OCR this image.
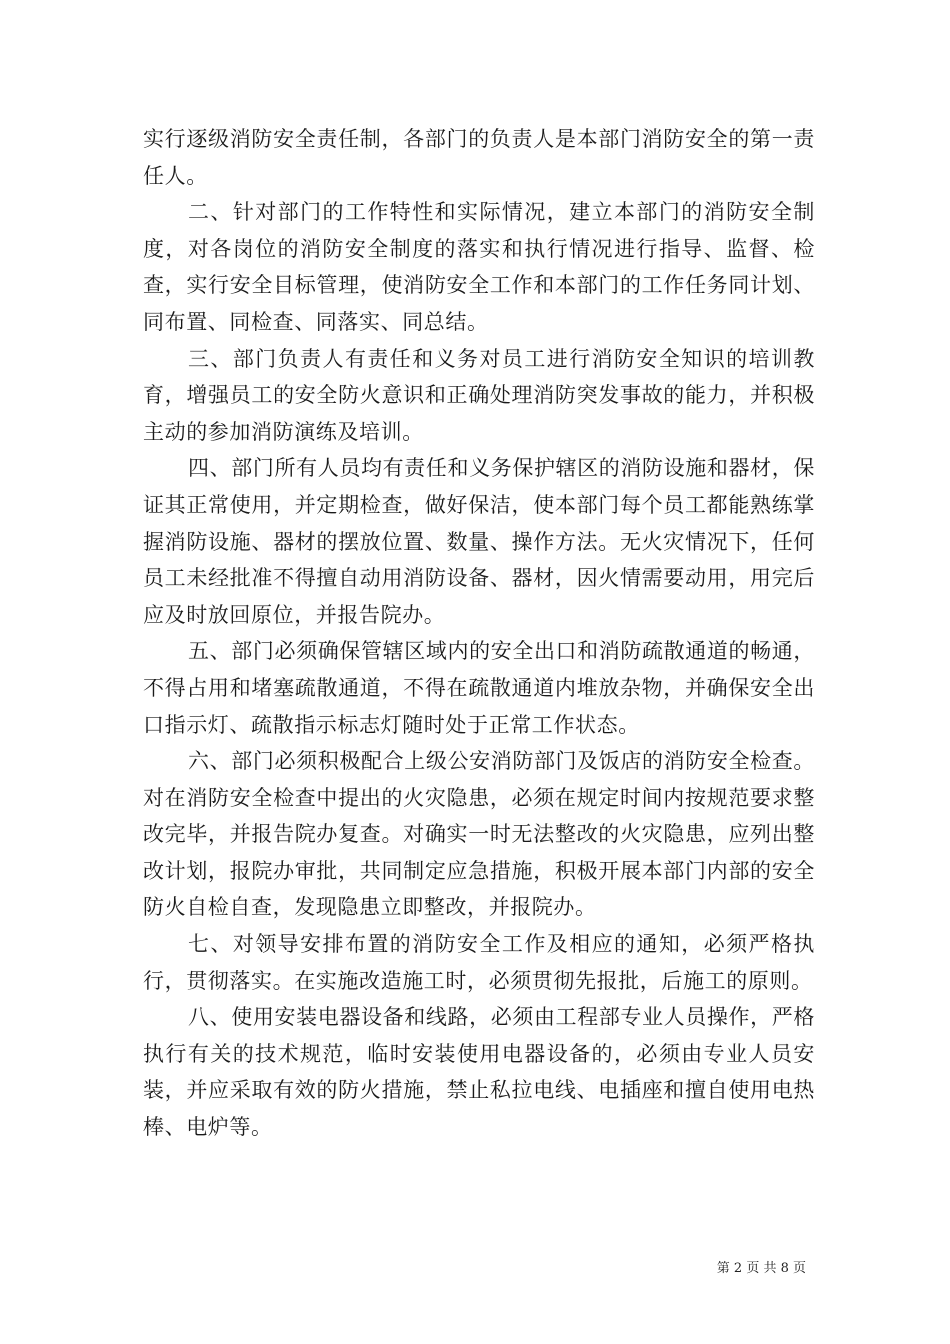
实行逐级消防安全责任制，各部门的负责人是本部门消防安全的第一责任人。

二、针对部门的工作特性和实际情况，建立本部门的消防安全制度，对各岗位的消防安全制度的落实和执行情况进行指导、监督、检查，实行安全目标管理，使消防安全工作和本部门的工作任务同计划、同布置、同检查、同落实、同总结。

三、部门负责人有责任和义务对员工进行消防安全知识的培训教育，增强员工的安全防火意识和正确处理消防突发事故的能力，并积极主动的参加消防演练及培训。

四、部门所有人员均有责任和义务保护辖区的消防设施和器材，保证其正常使用，并定期检查，做好保洁，使本部门每个员工都能熟练掌握消防设施、器材的摆放位置、数量、操作方法。无火灾情况下，任何员工未经批准不得擅自动用消防设备、器材，因火情需要动用，用完后应及时放回原位，并报告院办。

五、部门必须确保管辖区域内的安全出口和消防疏散通道的畅通，不得占用和堵塞疏散通道，不得在疏散通道内堆放杂物，并确保安全出口指示灯、疏散指示标志灯随时处于正常工作状态。

六、部门必须积极配合上级公安消防部门及饭店的消防安全检查。对在消防安全检查中提出的火灾隐患，必须在规定时间内按规范要求整改完毕，并报告院办复查。对确实一时无法整改的火灾隐患，应列出整改计划，报院办审批，共同制定应急措施，积极开展本部门内部的安全防火自检自查，发现隐患立即整改，并报院办。

七、对领导安排布置的消防安全工作及相应的通知，必须严格执行，贯彻落实。在实施改造施工时，必须贯彻先报批，后施工的原则。

八、使用安装电器设备和线路，必须由工程部专业人员操作，严格执行有关的技术规范，临时安装使用电器设备的，必须由专业人员安装，并应采取有效的防火措施，禁止私拉电线、电插座和擅自使用电热棒、电炉等。

第 2 页 共 8 页
